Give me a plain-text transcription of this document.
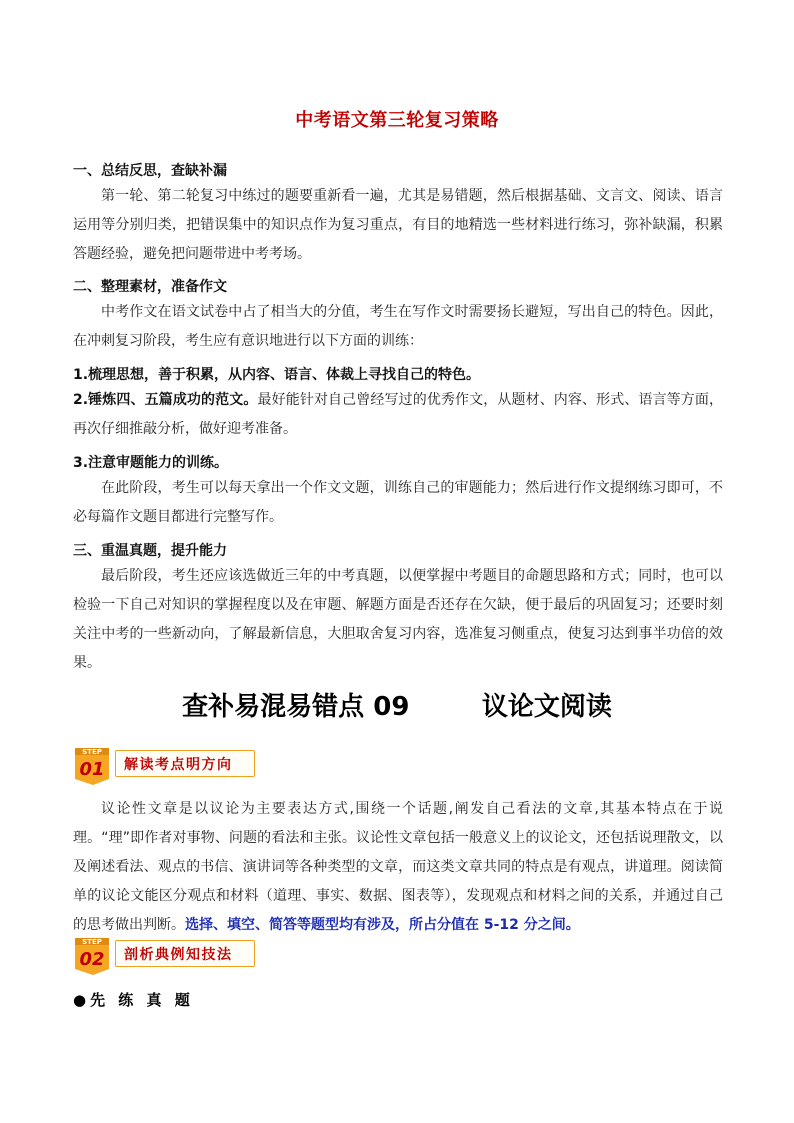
中考语文第三轮复习策略
一、总结反思，查缺补漏
第一轮、第二轮复习中练过的题要重新看一遍，尤其是易错题，然后根据基础、文言文、阅读、语言运用等分别归类，把错误集中的知识点作为复习重点，有目的地精选一些材料进行练习，弥补缺漏，积累答题经验，避免把问题带进中考考场。
二、整理素材，准备作文
中考作文在语文试卷中占了相当大的分值，考生在写作文时需要扬长避短，写出自己的特色。因此，在冲刺复习阶段，考生应有意识地进行以下方面的训练：
1.梳理思想，善于积累，从内容、语言、体裁上寻找自己的特色。
2.锤炼四、五篇成功的范文。最好能针对自己曾经写过的优秀作文，从题材、内容、形式、语言等方面，再次仔细推敲分析，做好迎考准备。
3.注意审题能力的训练。
在此阶段，考生可以每天拿出一个作文文题，训练自己的审题能力；然后进行作文提纲练习即可，不必每篇作文题目都进行完整写作。
三、重温真题，提升能力
最后阶段，考生还应该选做近三年的中考真题，以便掌握中考题目的命题思路和方式；同时，也可以检验一下自己对知识的掌握程度以及在审题、解题方面是否还存在欠缺，便于最后的巩固复习；还要时刻关注中考的一些新动向，了解最新信息，大胆取舍复习内容，选准复习侧重点，使复习达到事半功倍的效果。
查补易混易错点 09        议论文阅读
STEP
01 解读考点明方向
议论性文章是以议论为主要表达方式,围绕一个话题,阐发自己看法的文章,其基本特点在于说理。“理”即作者对事物、问题的看法和主张。议论性文章包括一般意义上的议论文，还包括说理散文，以及阐述看法、观点的书信、演讲词等各种类型的文章，而这类文章共同的特点是有观点，讲道理。阅读简单的议论文能区分观点和材料（道理、事实、数据、图表等），发现观点和材料之间的关系，并通过自己的思考做出判断。选择、填空、简答等题型均有涉及，所占分值在 5-12 分之间。
STEP
02 剖析典例知技法
●先 练 真 题
